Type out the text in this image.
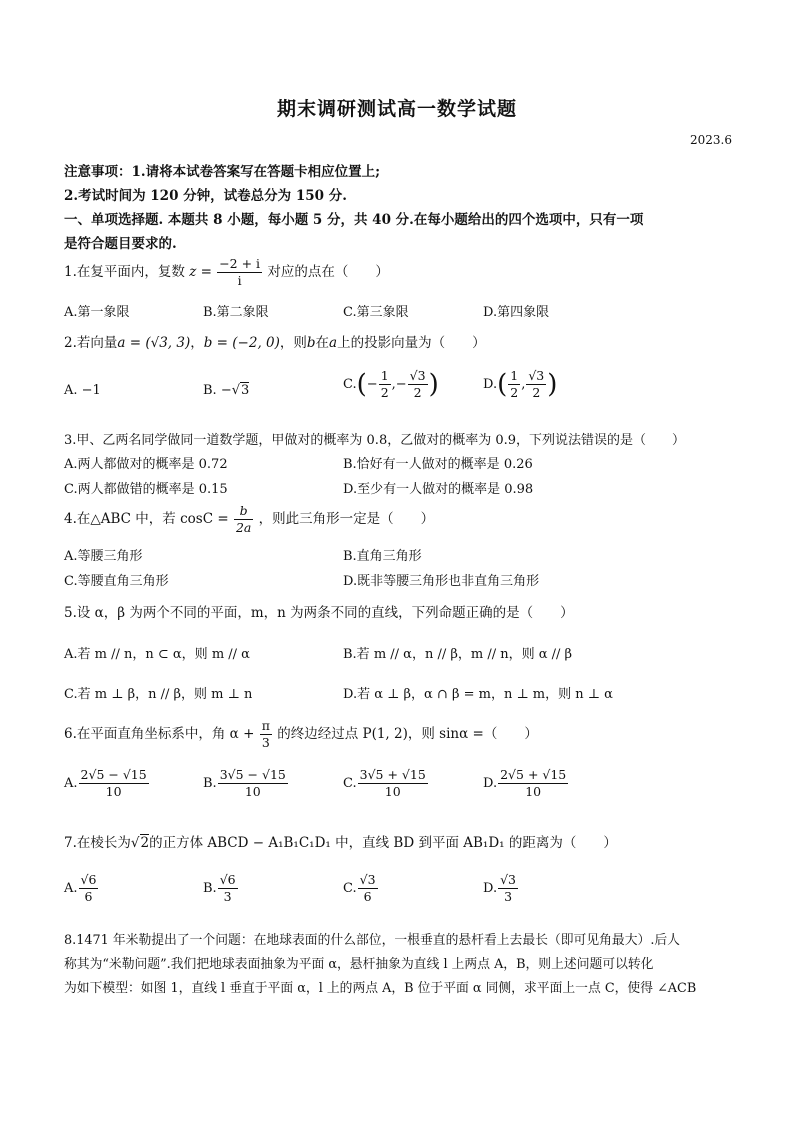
期末调研测试高一数学试题
2023.6
注意事项：1.请将本试卷答案写在答题卡相应位置上;
2.考试时间为 120 分钟，试卷总分为 150 分.
一、单项选择题. 本题共 8 小题，每小题 5 分，共 40 分.在每小题给出的四个选项中，只有一项
是符合题目要求的.
1.在复平面内，复数 $z = \frac{-2 + i}{i}$ 对应的点在（　　）
A.第一象限	B.第二象限	C.第三象限	D.第四象限
2.若向量a = (√3, 3)，b = (−2, 0)，则b在a上的投影向量为（　　）
A. −1	B. −√3	$C.(- \frac{1}{2}$ ,− $\frac{√3}{2}$ )	$D.( \frac{1}{2}$ , $\frac{√3}{2}$ )
3.甲、乙两名同学做同一道数学题，甲做对的概率为 0.8，乙做对的概率为 0.9，下列说法错误的是（　　）
A.两人都做对的概率是 0.72	B.恰好有一人做对的概率是 0.26
C.两人都做错的概率是 0.15	D.至少有一人做对的概率是 0.98
4.在△ABC 中，若 $\cos C = \frac{b}{2a}$ ，则此三角形一定是（　　）
A.等腰三角形	B.直角三角形
C.等腰直角三角形	D.既非等腰三角形也非直角三角形
5.设 α，β 为两个不同的平面，m，n 为两条不同的直线，下列命题正确的是（　　）
A.若 m // n，n ⊂ α，则 m // α	B.若 m // α，n // β，m // n，则 α // β
C.若 m ⊥ β，n // β，则 m ⊥ n	D.若 α ⊥ β，α ∩ β = m，n ⊥ m，则 n ⊥ α
6.在平面直角坐标系中，角 $\alpha + \frac{\pi}{3}$ 的终边经过点 P(1, 2)，则 sinα =（　　）
A. $\frac{2√5 - √15}{10}$	B. $\frac{3√5 - √15}{10}$	C. $\frac{3√5 + √15}{10}$	D. $\frac{2√5 + √15}{10}$
7.在棱长为√2的正方体 ABCD − A₁B₁C₁D₁ 中，直线 BD 到平面 AB₁D₁ 的距离为（　　）
A. $\frac{√6}{6}$	B. $\frac{√6}{3}$	C. $\frac{√3}{6}$	D. $\frac{√3}{3}$
8.1471 年米勒提出了一个问题：在地球表面的什么部位，一根垂直的悬杆看上去最长（即可见角最大）.后人
称其为“米勒问题”.我们把地球表面抽象为平面 α，悬杆抽象为直线 l 上两点 A，B，则上述问题可以转化
为如下模型：如图 1，直线 l 垂直于平面 α，l 上的两点 A，B 位于平面 α 同侧，求平面上一点 C，使得 ∠ACB
